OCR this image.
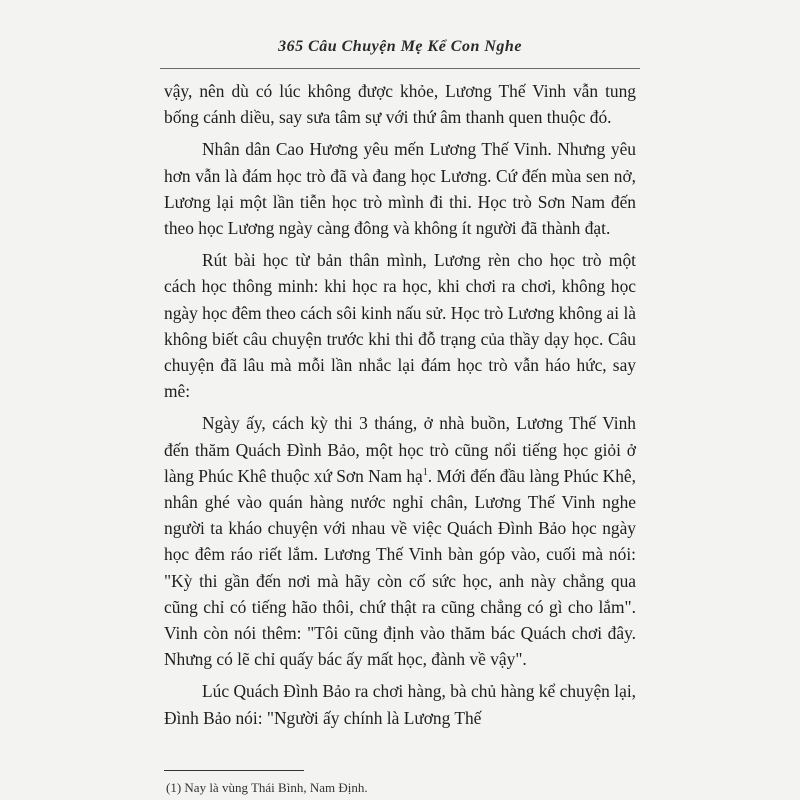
365 Câu Chuyện Mẹ Kể Con Nghe

vậy, nên dù có lúc không được khỏe, Lương Thế Vinh vẫn tung bống cánh diều, say sưa tâm sự với thứ âm thanh quen thuộc đó.

Nhân dân Cao Hương yêu mến Lương Thế Vinh. Nhưng yêu hơn vẫn là đám học trò đã và đang học Lương. Cứ đến mùa sen nở, Lương lại một lần tiễn học trò mình đi thi. Học trò Sơn Nam đến theo học Lương ngày càng đông và không ít người đã thành đạt.

Rút bài học từ bản thân mình, Lương rèn cho học trò một cách học thông minh: khi học ra học, khi chơi ra chơi, không học ngày học đêm theo cách sôi kinh nấu sử. Học trò Lương không ai là không biết câu chuyện trước khi thi đỗ trạng của thầy dạy học. Câu chuyện đã lâu mà mỗi lần nhắc lại đám học trò vẫn háo hức, say mê:

Ngày ấy, cách kỳ thi 3 tháng, ở nhà buồn, Lương Thế Vinh đến thăm Quách Đình Bảo, một học trò cũng nổi tiếng học giỏi ở làng Phúc Khê thuộc xứ Sơn Nam hạ$^1$. Mới đến đầu làng Phúc Khê, nhân ghé vào quán hàng nước nghỉ chân, Lương Thế Vinh nghe người ta kháo chuyện với nhau về việc Quách Đình Bảo học ngày học đêm ráo riết lắm. Lương Thế Vinh bàn góp vào, cuối mà nói: "Kỳ thi gần đến nơi mà hãy còn cố sức học, anh này chẳng qua cũng chỉ có tiếng hão thôi, chứ thật ra cũng chẳng có gì cho lắm". Vinh còn nói thêm: "Tôi cũng định vào thăm bác Quách chơi đây. Nhưng có lẽ chỉ quấy bác ấy mất học, đành về vậy".

Lúc Quách Đình Bảo ra chơi hàng, bà chủ hàng kể chuyện lại, Đình Bảo nói: "Người ấy chính là Lương Thế

(1) Nay là vùng Thái Bình, Nam Định.
